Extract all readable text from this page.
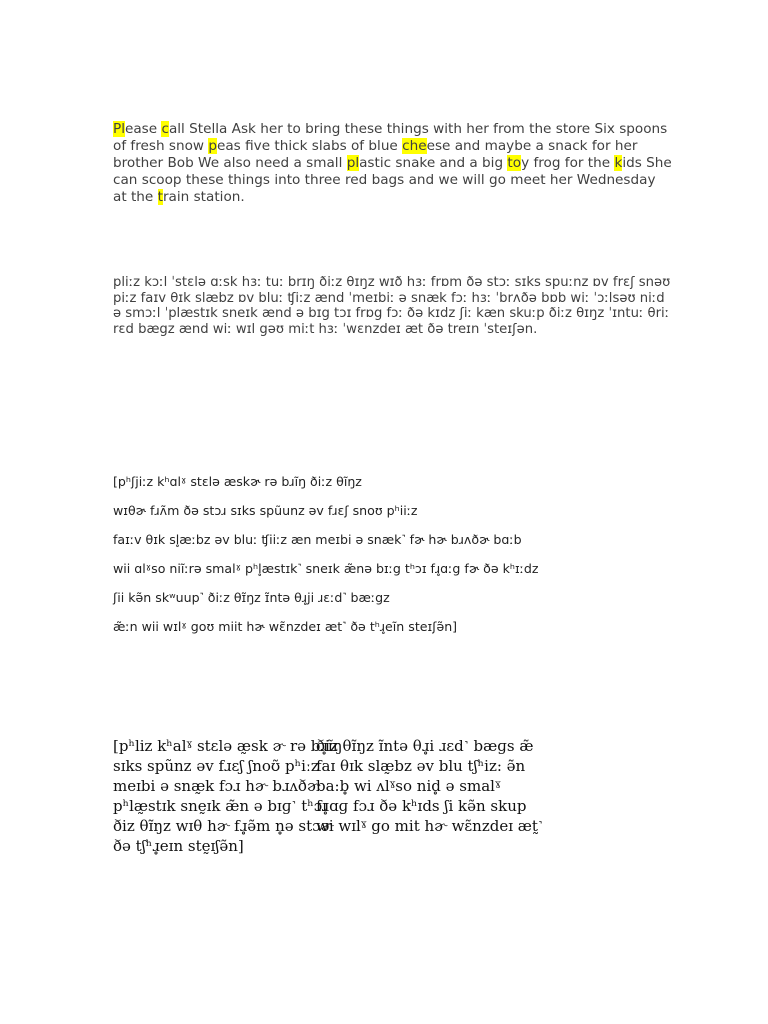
Please call Stella Ask her to bring these things with her from the store Six spoons of fresh snow peas five thick slabs of blue cheese and maybe a snack for her brother Bob We also need a small plastic snake and a big toy frog for the kids She can scoop these things into three red bags and we will go meet her Wednesday at the train station.
pliːz kɔːl ˈstɛlə ɑːsk hɜː tuː brɪŋ ðiːz θɪŋz wɪð hɜː frɒm ðə stɔː sɪks spuːnz ɒv frɛʃ snəʊ piːz faɪv θɪk slæbz ɒv bluː ʧiːz ænd ˈmeɪbiː ə snæk fɔː hɜː ˈbrʌðə bɒb wiː ˈɔːlsəʊ niːd ə smɔːl ˈplæstɪk sneɪk ænd ə bɪg tɔɪ frɒg fɔː ðə kɪdz ʃiː kæn skuːp ðiːz θɪŋz ˈɪntuː θriː rɛd bægz ænd wiː wɪl gəʊ miːt hɜː ˈwɛnzdeɪ æt ðə treɪn ˈsteɪʃən.
[pʰʃjiːz kʰɑlˠ stɛlə æskɚ rə bɹĩŋ ðiːz θĩŋz
wɪθɚ fɹʌ̃m ðə stɔɹ sɪks spũunz əv fɹɛʃ snoʊ pʰiiːz
faɪːv θɪk sl̥æːbz əv bluː ʧiiːz æn meɪbi ə snæk˺ fɚ hɚ bɹʌðɚ bɑːb
wii ɑlˠso niĩːrə smalˠ pʰl̥æstɪk˺ sneɪk æ̃nə bɪːg tʰɔɪ fɹ̥ɑːg fɚ ðə kʰɪːdz
ʃii kə̃n skʷuup˺ ðiːz θɪ̃ŋz ɪ̃ntə θɹ̥ji ɹɛːd˺ bæːgz
æ̃ːn wii wɪlˠ goʊ miit hɚ wɛ̃nzdeɪ æt˺ ðə tʰɹ̥eĩn steɪʃə̃n]
[pʰliz kʰalˠ stɛlə æ̰sk ɚ rə bɹ̥ĩŋ
sɪks spũnz əv fɹɛʃ ʃnoʊ̃ pʰiːz
meɪbi ə snæ̰k fɔɹ hɚ bɹʌðɚ
pʰlæ̰stɪk snḛɪk æ̃n ə bɪɡ˺ tʰɔɪ
ðiz θɪ̃ŋz wɪθ hɚ fɹ̥ə̃m n̥ə stɔɚ
ðə tʃʰɹ̥eɪn stḛɪʃə̃n]
ðiz θɪ̃ŋz ɪ̃ntə θɹ̥i ɹɛd˺ bæɡs æ̃
faɪ θɪk slæ̰bz əv blu tʃʰiz: ə̃n
ba:b̥ wi ʌlˠso nid̥ ə smalˠ
fɹ̥ɑɡ fɔɹ ðə kʰɪds ʃi kə̃n skup
wi wɪlˠ go mit hɚ wɛ̃nzdeɪ æt̰˺
